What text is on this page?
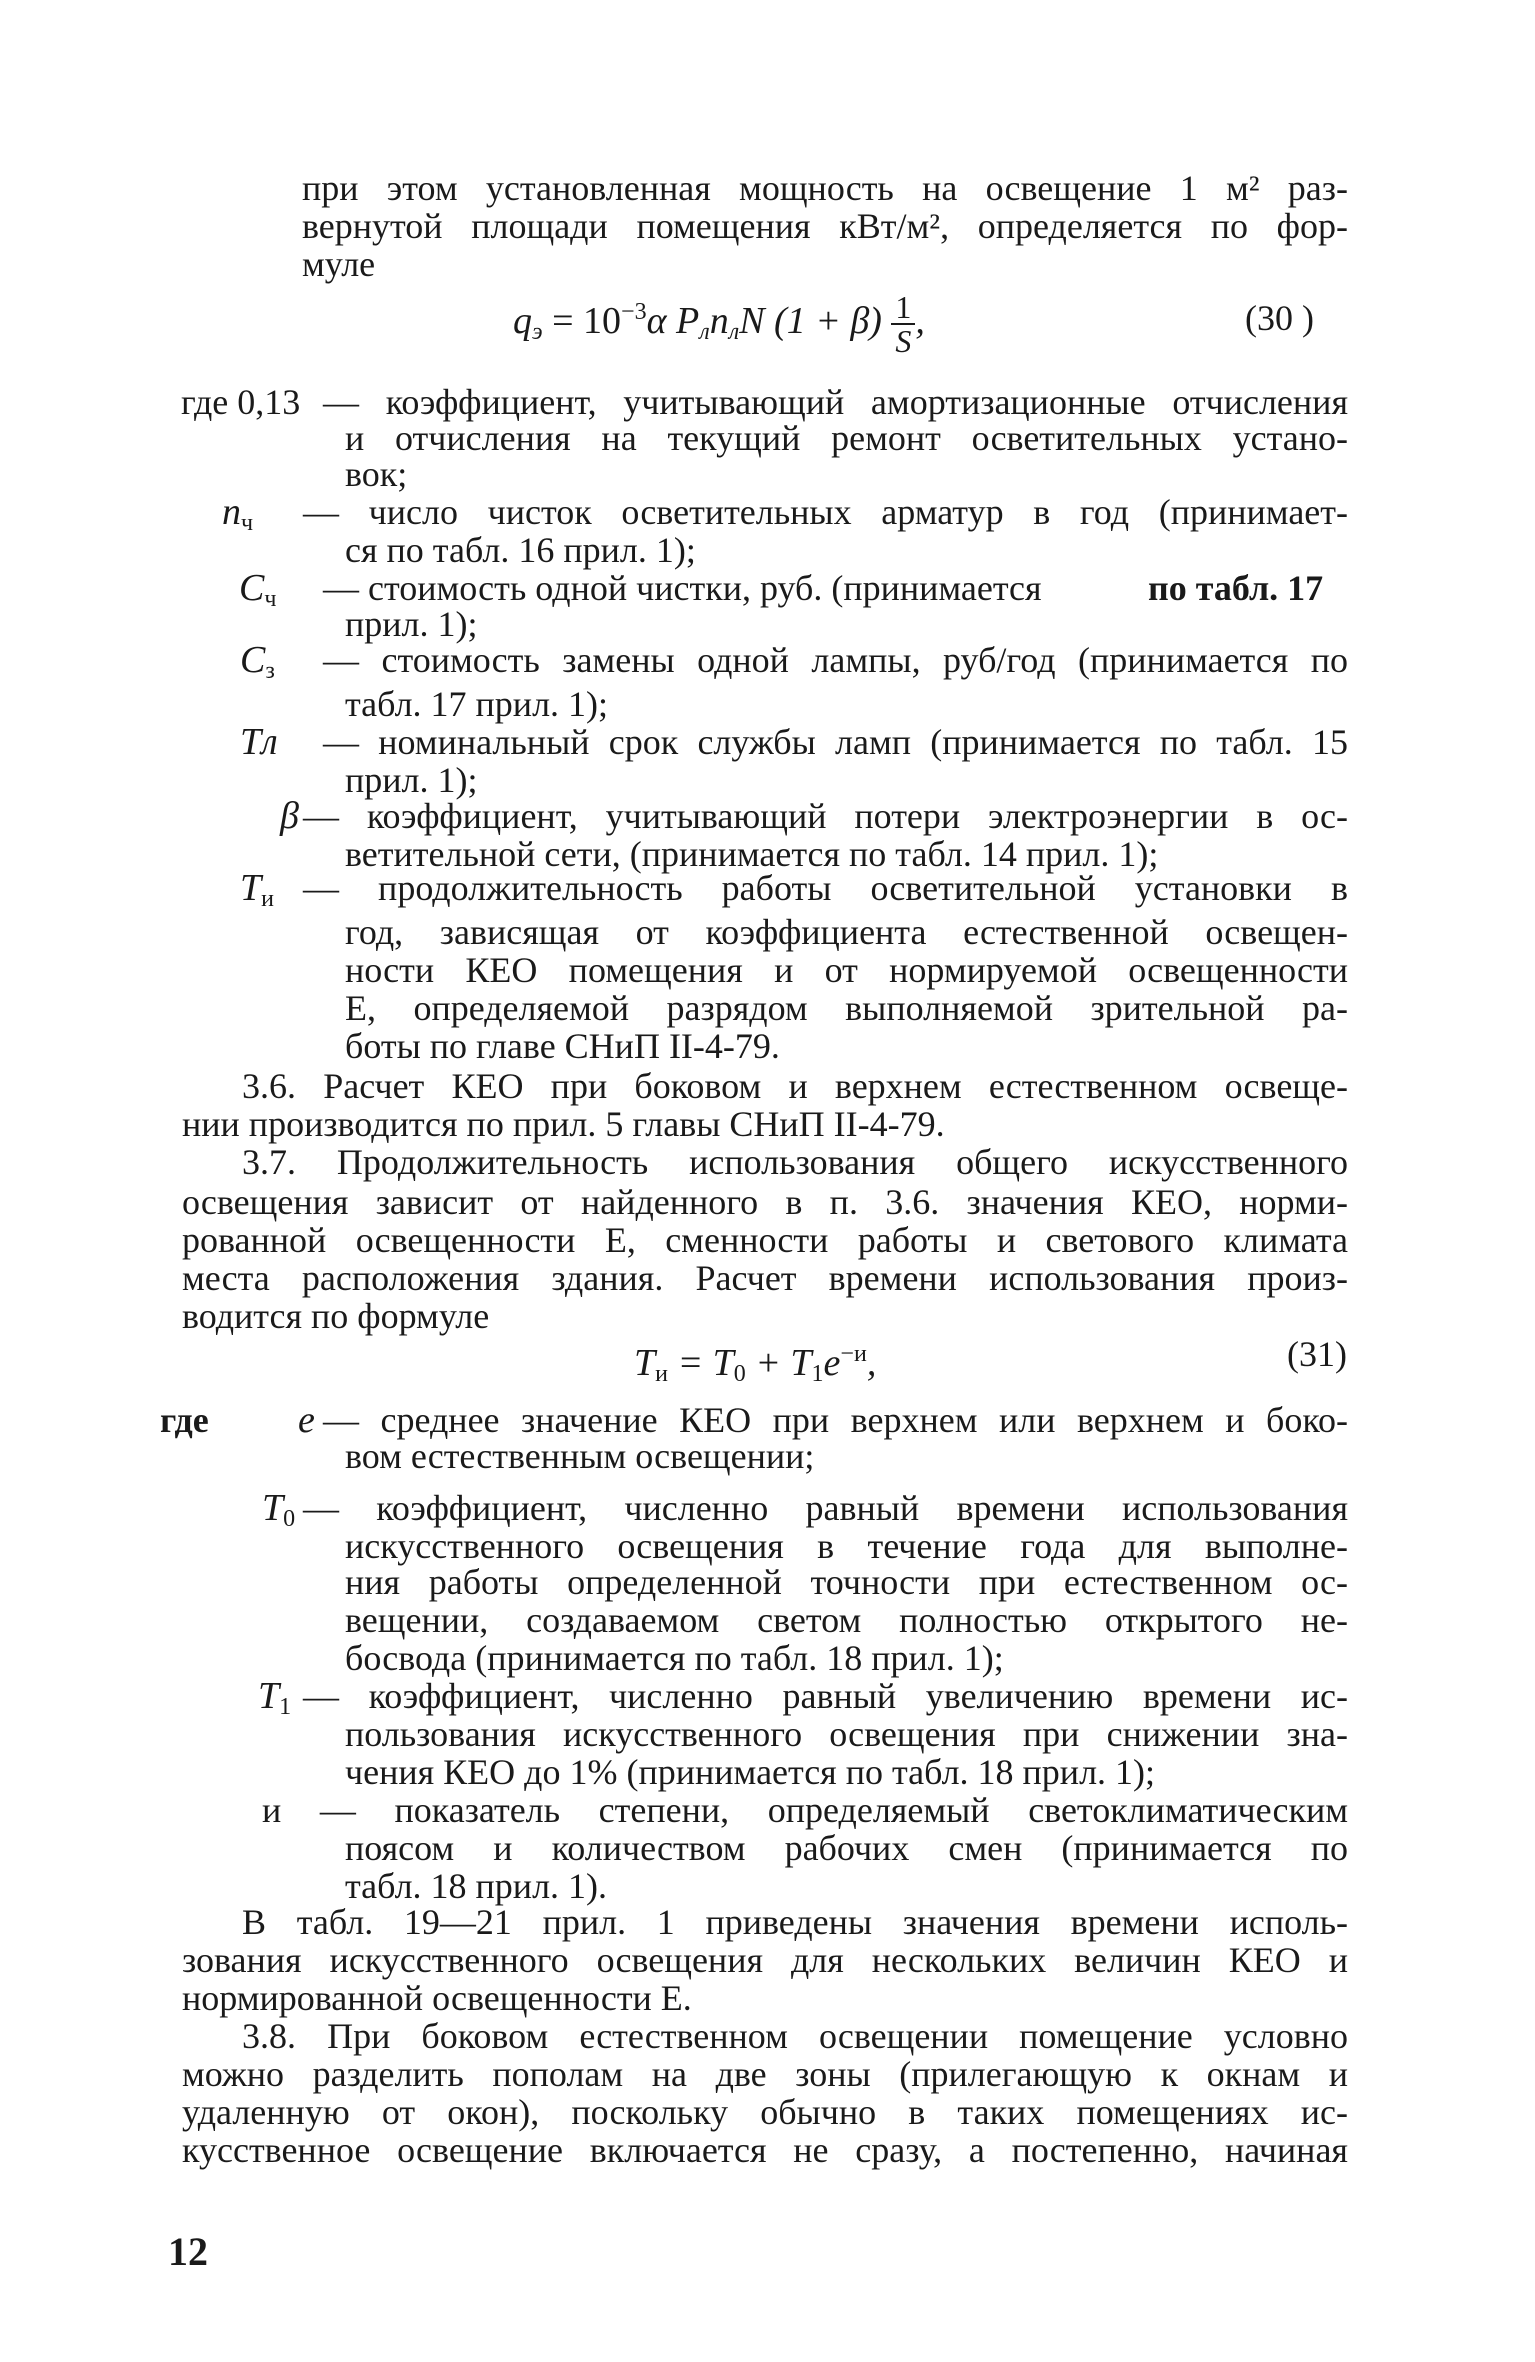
при этом установленная мощность на освещение 1 м² раз-
вернутой площади помещения кВт/м², определяется по фор-
муле
$q_э = 10^{-3}\alpha$ $P_лn_лN$ $(1 + \beta) \frac{1}{S}$ ,	(30 )
где 0,13 — коэффициент, учитывающий амортизационные отчисления
и отчисления на текущий ремонт осветительных устано-
вок;
$n_ч$ — число чисток осветительных арматур в год (принимает-
ся по табл. 16 прил. 1);
$C_ч$ — стоимость одной чистки, руб. (принимается	по табл. 17
прил. 1);
$C_з$ — стоимость замены одной лампы, руб/год (принимается по
табл. 17 прил. 1);
Tл — номинальный срок службы ламп (принимается по табл. 15
прил. 1);
β — коэффициент, учитывающий потери электроэнергии в ос-
ветительной сети, (принимается по табл. 14 прил. 1);
$T_и$ — продолжительность работы осветительной установки в
год, зависящая от коэффициента естественной освещен-
ности КЕО помещения и от нормируемой освещенности
E, определяемой разрядом выполняемой зрительной ра-
боты по главе СНиП II-4-79.
3.6. Расчет КЕО при боковом и верхнем естественном освеще-
нии производится по прил. 5 главы СНиП II-4-79.
3.7. Продолжительность использования общего искусственного
освещения зависит от найденного в п. 3.6. значения КЕО, норми-
рованной освещенности E, сменности работы и светового климата
места расположения здания. Расчет времени использования произ-
водится по формуле
$T_и = T_0 + T_1e^{-и}$,	(31)
где e — среднее значение КЕО при верхнем или верхнем и боко-
вом естественным освещении;
$T_0$ — коэффициент, численно равный времени использования
искусственного освещения в течение года для выполне-
ния работы определенной точности при естественном ос-
вещении, создаваемом светом полностью открытого не-
босвода (принимается по табл. 18 прил. 1);
$T_1$ — коэффициент, численно равный увеличению времени ис-
пользования искусственного освещения при снижении зна-
чения КЕО до 1% (принимается по табл. 18 прил. 1);
и — показатель степени, определяемый светоклиматическим
поясом и количеством рабочих смен (принимается по
табл. 18 прил. 1).
В табл. 19—21 прил. 1 приведены значения времени исполь-
зования искусственного освещения для нескольких величин КЕО и
нормированной освещенности E.
3.8. При боковом естественном освещении помещение условно
можно разделить пополам на две зоны (прилегающую к окнам и
удаленную от окон), поскольку обычно в таких помещениях ис-
кусственное освещение включается не сразу, а постепенно, начиная
12
